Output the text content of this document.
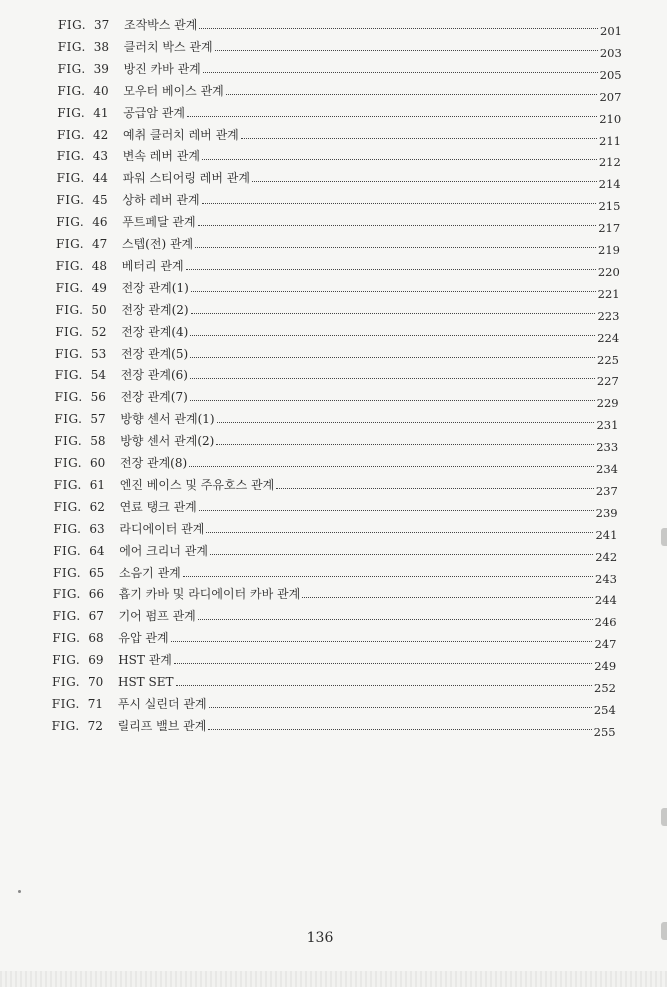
FIG. 37	조작박스 관계	201
FIG. 38	클러치 박스 관계	203
FIG. 39	방진 카바 관계	205
FIG. 40	모우터 베이스 관계	207
FIG. 41	공급암 관계	210
FIG. 42	예취 클러치 레버 관계	211
FIG. 43	변속 레버 관계	212
FIG. 44	파워 스티어링 레버 관계	214
FIG. 45	상하 레버 관계	215
FIG. 46	푸트페달 관계	217
FIG. 47	스텝(전) 관계	219
FIG. 48	베터리 관계	220
FIG. 49	전장 관계(1)	221
FIG. 50	전장 관계(2)	223
FIG. 52	전장 관계(4)	224
FIG. 53	전장 관계(5)	225
FIG. 54	전장 관계(6)	227
FIG. 56	전장 관계(7)	229
FIG. 57	방향 센서 관계(1)	231
FIG. 58	방향 센서 관계(2)	233
FIG. 60	전장 관계(8)	234
FIG. 61	엔진 베이스 및 주유호스 관계	237
FIG. 62	연료 탱크 관계	239
FIG. 63	라디에이터 관계	241
FIG. 64	에어 크리너 관계	242
FIG. 65	소음기 관계	243
FIG. 66	흡기 카바 및 라디에이터 카바 관계	244
FIG. 67	기어 펌프 관계	246
FIG. 68	유압 관계	247
FIG. 69	HST 관계	249
FIG. 70	HST SET	252
FIG. 71	푸시 실린더 관계	254
FIG. 72	릴리프 밸브 관계	255
136
